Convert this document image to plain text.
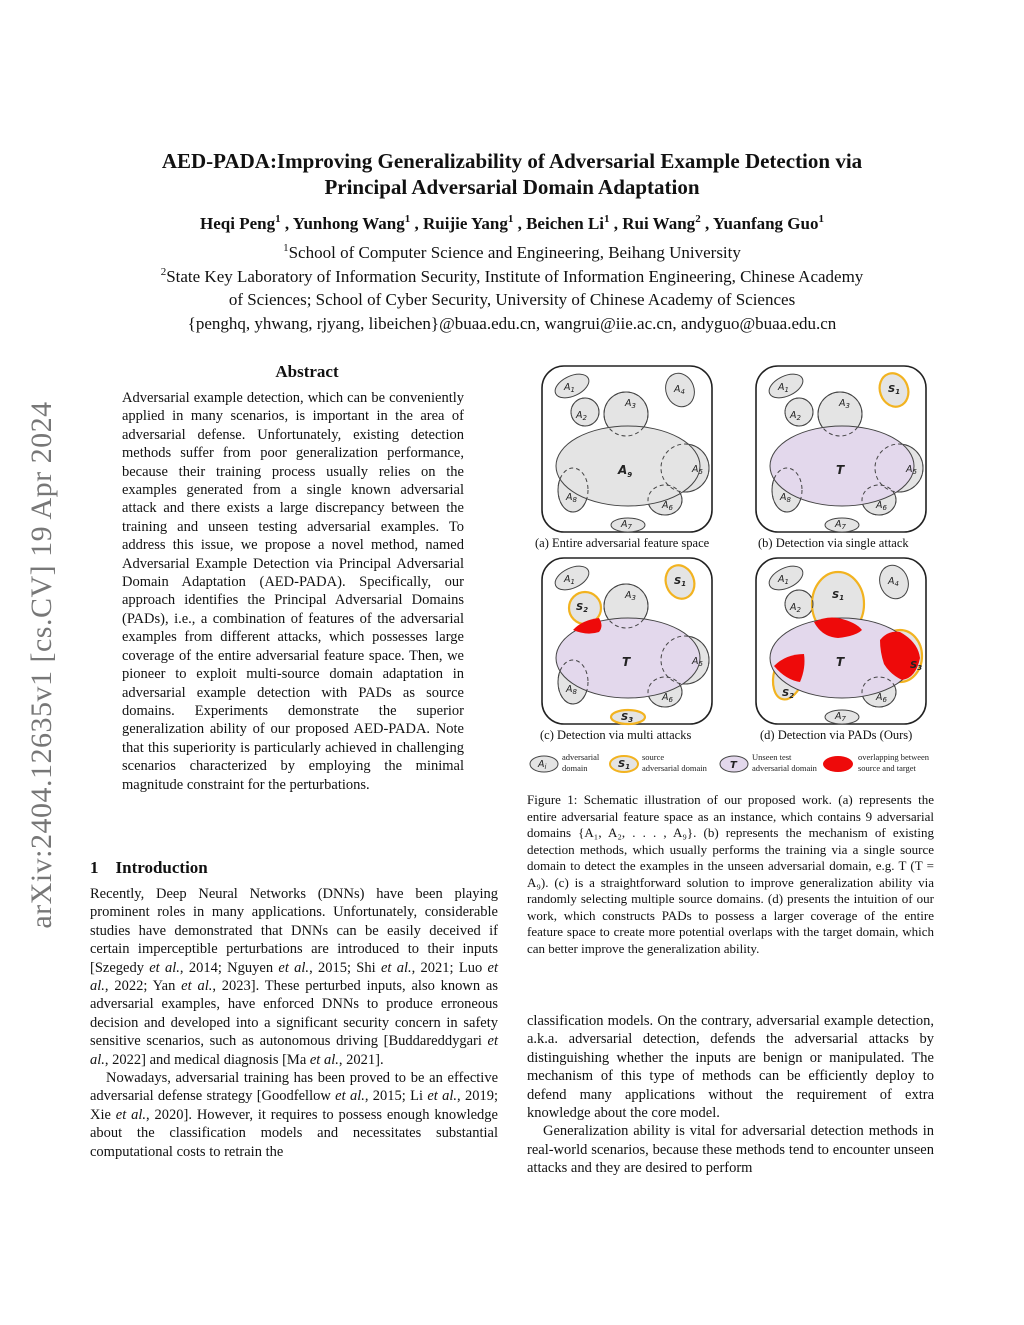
arXiv:2404.12635v1 [cs.CV] 19 Apr 2024
AED-PADA:Improving Generalizability of Adversarial Example Detection via
Principal Adversarial Domain Adaptation
Heqi Peng$^1$ , Yunhong Wang$^1$ , Ruijie Yang$^1$ , Beichen Li$^1$ , Rui Wang$^2$ , Yuanfang Guo$^1$
$^1$School of Computer Science and Engineering, Beihang University
$^2$State Key Laboratory of Information Security, Institute of Information Engineering, Chinese Academy
of Sciences; School of Cyber Security, University of Chinese Academy of Sciences
{penghq, yhwang, rjyang, libeichen}@buaa.edu.cn, wangrui@iie.ac.cn, andyguo@buaa.edu.cn
Abstract
Adversarial example detection, which can be conveniently applied in many scenarios, is important in the area of adversarial defense. Unfortunately, existing detection methods suffer from poor generalization performance, because their training process usually relies on the examples generated from a single known adversarial attack and there exists a large discrepancy between the training and unseen testing adversarial examples. To address this issue, we propose a novel method, named Adversarial Example Detection via Principal Adversarial Domain Adaptation (AED-PADA). Specifically, our approach identifies the Principal Adversarial Domains (PADs), i.e., a combination of features of the adversarial examples from different attacks, which possesses large coverage of the entire adversarial feature space. Then, we pioneer to exploit multi-source domain adaptation in adversarial example detection with PADs as source domains. Experiments demonstrate the superior generalization ability of our proposed AED-PADA. Note that this superiority is particularly achieved in challenging scenarios characterized by employing the minimal magnitude constraint for the perturbations.
1 Introduction

Recently, Deep Neural Networks (DNNs) have been playing prominent roles in many applications. Unfortunately, considerable studies have demonstrated that DNNs can be easily deceived if certain imperceptible perturbations are introduced to their inputs [Szegedy et al., 2014; Nguyen et al., 2015; Shi et al., 2021; Luo et al., 2022; Yan et al., 2023]. These perturbed inputs, also known as adversarial examples, have enforced DNNs to produce erroneous decision and developed into a significant security concern in safety sensitive scenarios, such as autonomous driving [Buddareddygari et al., 2022] and medical diagnosis [Ma et al., 2021].

Nowadays, adversarial training has been proved to be an effective adversarial defense strategy [Goodfellow et al., 2015; Li et al., 2019; Xie et al., 2020]. However, it requires to possess enough knowledge about the classification models and necessitates substantial computational costs to retrain the

classification models. On the contrary, adversarial example detection, a.k.a. adversarial detection, defends the adversarial attacks by distinguishing whether the inputs are benign or manipulated. The mechanism of this type of methods can be efficiently deploy to defend many applications without the requirement of extra knowledge about the core model.

Generalization ability is vital for adversarial detection methods in real-world scenarios, because these methods tend to encounter unseen attacks and they are desired to perform

$A_1$	$A_4$
$A_3$
$A_2$
$A_5$
$A_8$	$A_6$
$A_7$
$A_9$
(a) Entire adversarial feature space
$A_1$	$S_1$
$A_3$
$A_2$
$A_5$
$A_8$	$A_6$
$A_7$
T
(b) Detection via single attack
$A_1$	$S_1$
$A_3$
$S_2$
$A_5$
$A_8$	$A_6$
$S_3$
T
(c) Detection via multi attacks
$A_1$	$A_4$
$S_1$
$A_2$
$S_3$
$S_2$	$A_6$
$A_7$
T
(d) Detection via PADs (Ours)
$A_i$
adversarial
domain	$S_1$
source
adversarial domain T
Unseen test
adversarial domain
overlapping between
source and target
Figure 1: Schematic illustration of our proposed work. (a) represents the entire adversarial feature space as an instance, which contains 9 adversarial domains {A₁, A₂, . . . , A₉}. (b) represents the mechanism of existing detection methods, which usually performs the training via a single source domain to detect the examples in the unseen adversarial domain, e.g. T (T = A₉). (c) is a straightforward solution to improve generalization ability via randomly selecting multiple source domains. (d) presents the intuition of our work, which constructs PADs to possess a larger coverage of the entire feature space to create more potential overlaps with the target domain, which can better improve the generalization ability.
